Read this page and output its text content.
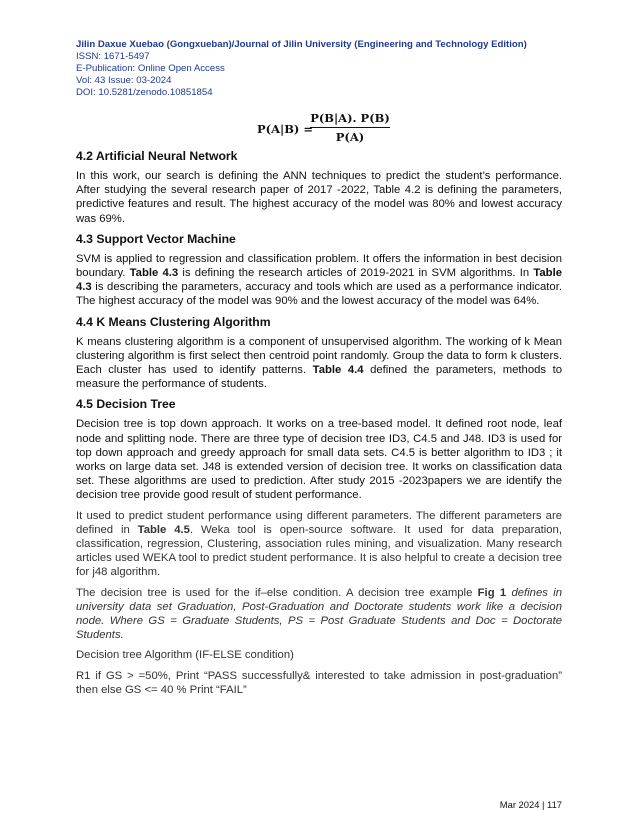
Jilin Daxue Xuebao (Gongxueban)/Journal of Jilin University (Engineering and Technology Edition)
ISSN: 1671-5497
E-Publication: Online Open Access
Vol: 43 Issue: 03-2024
DOI: 10.5281/zenodo.10851854
P(A|B) =
$\frac{P(B|A). P(B)}{P(A)}$
4.2 Artificial Neural Network

In this work, our search is defining the ANN techniques to predict the student’s performance. After studying the several research paper of 2017 -2022, Table 4.2 is defining the parameters, predictive features and result. The highest accuracy of the model was 80% and lowest accuracy was 69%.

4.3 Support Vector Machine

SVM is applied to regression and classification problem. It offers the information in best decision boundary. Table 4.3 is defining the research articles of 2019-2021 in SVM algorithms. In Table 4.3 is describing the parameters, accuracy and tools which are used as a performance indicator. The highest accuracy of the model was 90% and the lowest accuracy of the model was 64%.

4.4 K Means Clustering Algorithm

K means clustering algorithm is a component of unsupervised algorithm. The working of k Mean clustering algorithm is first select then centroid point randomly. Group the data to form k clusters. Each cluster has used to identify patterns. Table 4.4 defined the parameters, methods to measure the performance of students.

4.5 Decision Tree

Decision tree is top down approach. It works on a tree-based model. It defined root node, leaf node and splitting node. There are three type of decision tree ID3, C4.5 and J48. ID3 is used for top down approach and greedy approach for small data sets. C4.5 is better algorithm to ID3 ; it works on large data set. J48 is extended version of decision tree. It works on classification data set. These algorithms are used to prediction. After study 2015 -2023papers we are identify the decision tree provide good result of student performance.

It used to predict student performance using different parameters. The different parameters are defined in Table 4.5. Weka tool is open-source software. It used for data preparation, classification, regression, Clustering, association rules mining, and visualization. Many research articles used WEKA tool to predict student performance. It is also helpful to create a decision tree for j48 algorithm.

The decision tree is used for the if–else condition. A decision tree example Fig 1 defines in university data set Graduation, Post-Graduation and Doctorate students work like a decision node. Where GS = Graduate Students, PS = Post Graduate Students and Doc = Doctorate Students.

Decision tree Algorithm (IF-ELSE condition)

R1 if GS > =50%, Print “PASS successfully& interested to take admission in post-graduation” then else GS <= 40 % Print “FAIL”

Mar 2024 | 117
